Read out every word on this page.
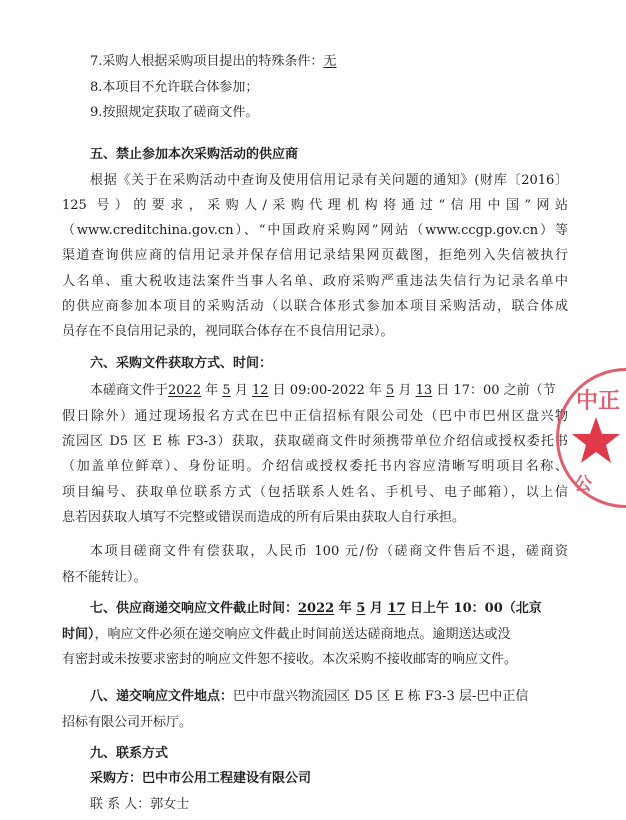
7.采购人根据采购项目提出的特殊条件：无
8.本项目不允许联合体参加；
9.按照规定获取了磋商文件。
五、禁止参加本次采购活动的供应商
根据《关于在采购活动中查询及使用信用记录有关问题的通知》(财库〔2016〕
125 号）的要求，采购人/采购代理机构将通过“信用中国”网站
（www.creditchina.gov.cn）、“中国政府采购网”网站（www.ccgp.gov.cn）等
渠道查询供应商的信用记录并保存信用记录结果网页截图，拒绝列入失信被执行
人名单、重大税收违法案件当事人名单、政府采购严重违法失信行为记录名单中
的供应商参加本项目的采购活动（以联合体形式参加本项目采购活动，联合体成
员存在不良信用记录的，视同联合体存在不良信用记录）。
六、采购文件获取方式、时间：
本磋商文件于2022 年 5 月 12 日 09:00-2022 年 5 月 13 日 17：00 之前（节
假日除外）通过现场报名方式在巴中正信招标有限公司处（巴中市巴州区盘兴物
流园区 D5 区 E 栋 F3-3）获取，获取磋商文件时须携带单位介绍信或授权委托书
（加盖单位鲜章）、身份证明。介绍信或授权委托书内容应清晰写明项目名称、
项目编号、获取单位联系方式（包括联系人姓名、手机号、电子邮箱），以上信
息若因获取人填写不完整或错误而造成的所有后果由获取人自行承担。
本项目磋商文件有偿获取，人民币 100 元/份（磋商文件售后不退，磋商资
格不能转让）。
七、供应商递交响应文件截止时间：2022 年 5 月 17 日上午 10：00（北京
时间），响应文件必须在递交响应文件截止时间前送达磋商地点。逾期送达或没
有密封或未按要求密封的响应文件恕不接收。本次采购不接收邮寄的响应文件。
八、递交响应文件地点：巴中市盘兴物流园区 D5 区 E 栋 F3-3 层-巴中正信
招标有限公司开标厅。
九、联系方式
采购方：巴中市公用工程建设有限公司
联 系 人：郭女士
中正
公
